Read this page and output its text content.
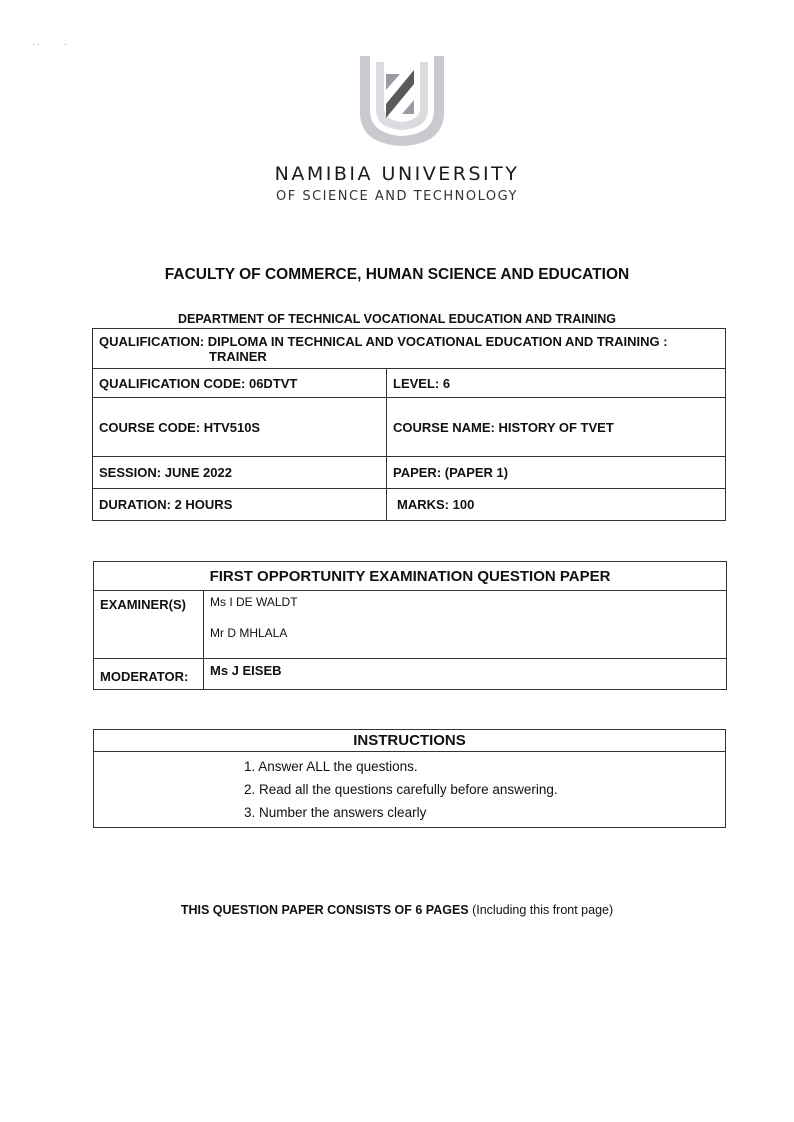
· ·           ·
NAMIBIA UNIVERSITY
OF SCIENCE AND TECHNOLOGY
FACULTY OF COMMERCE, HUMAN SCIENCE AND EDUCATION
DEPARTMENT OF TECHNICAL VOCATIONAL EDUCATION AND TRAINING
QUALIFICATION: DIPLOMA IN TECHNICAL AND VOCATIONAL EDUCATION AND TRAINING :
TRAINER	

QUALIFICATION CODE: 06DTVT	LEVEL: 6
COURSE CODE: HTV510S	COURSE NAME: HISTORY OF TVET
SESSION: JUNE 2022	PAPER: (PAPER 1)
DURATION: 2 HOURS	MARKS: 100
FIRST OPPORTUNITY EXAMINATION QUESTION PAPER	
EXAMINER(S)	Ms I DE WALDT
Mr D MHLALA

MODERATOR:	Ms J EISEB
INSTRUCTIONS

1. Answer ALL the questions.
2. Read all the questions carefully before answering.
3. Number the answers clearly
THIS QUESTION PAPER CONSISTS OF 6 PAGES (Including this front page)
